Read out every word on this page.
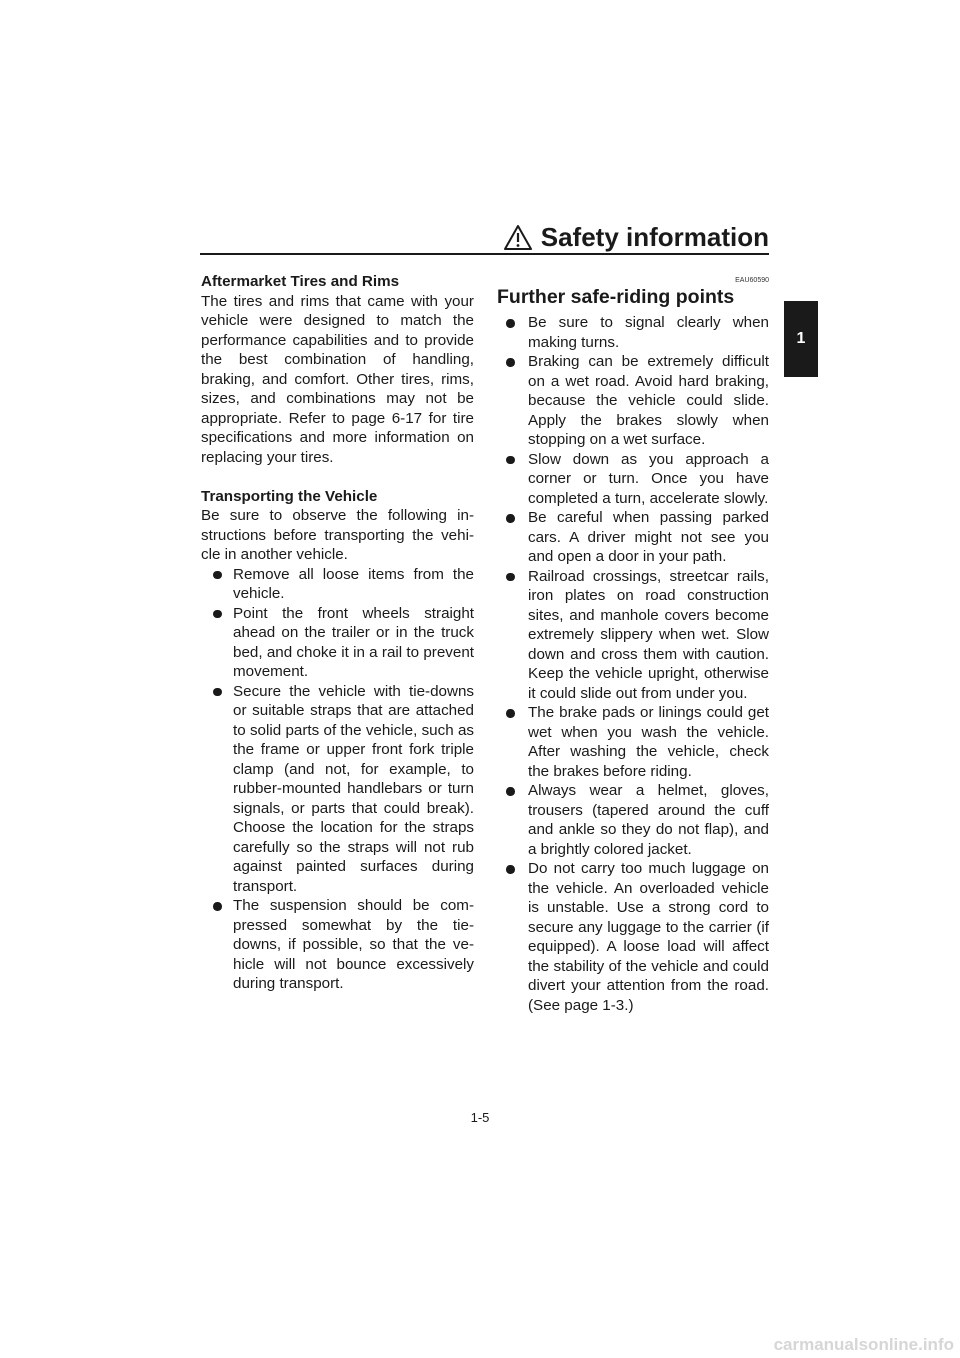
Safety information
1

Aftermarket Tires and Rims

The tires and rims that came with your vehicle were designed to match the performance capabilities and to provide the best combination of handling, braking, and comfort. Other tires, rims, sizes, and combinations may not be appropriate. Refer to page 6-17 for tire specifications and more information on replacing your tires.

Transporting the Vehicle

Be sure to observe the following instructions before transporting the vehicle in another vehicle.

Remove all loose items from the vehicle.
Point the front wheels straight ahead on the trailer or in the truck bed, and choke it in a rail to prevent movement.
Secure the vehicle with tie-downs or suitable straps that are attached to solid parts of the vehicle, such as the frame or upper front fork triple clamp (and not, for example, to rubber-mounted handlebars or turn signals, or parts that could break). Choose the location for the straps carefully so the straps will not rub against painted surfaces during transport.
The suspension should be compressed somewhat by the tiedowns, if possible, so that the vehicle will not bounce excessively during transport.
EAU60590
Further safe-riding points
Be sure to signal clearly when making turns.
Braking can be extremely difficult on a wet road. Avoid hard braking, because the vehicle could slide. Apply the brakes slowly when stopping on a wet surface.
Slow down as you approach a corner or turn. Once you have completed a turn, accelerate slowly.
Be careful when passing parked cars. A driver might not see you and open a door in your path.
Railroad crossings, streetcar rails, iron plates on road construction sites, and manhole covers become extremely slippery when wet. Slow down and cross them with caution. Keep the vehicle upright, otherwise it could slide out from under you.
The brake pads or linings could get wet when you wash the vehicle. After washing the vehicle, check the brakes before riding.
Always wear a helmet, gloves, trousers (tapered around the cuff and ankle so they do not flap), and a brightly colored jacket.
Do not carry too much luggage on the vehicle. An overloaded vehicle is unstable. Use a strong cord to secure any luggage to the carrier (if equipped). A loose load will affect the stability of the vehicle and could divert your attention from the road. (See page 1-3.)
1-5
carmanualsonline.info
